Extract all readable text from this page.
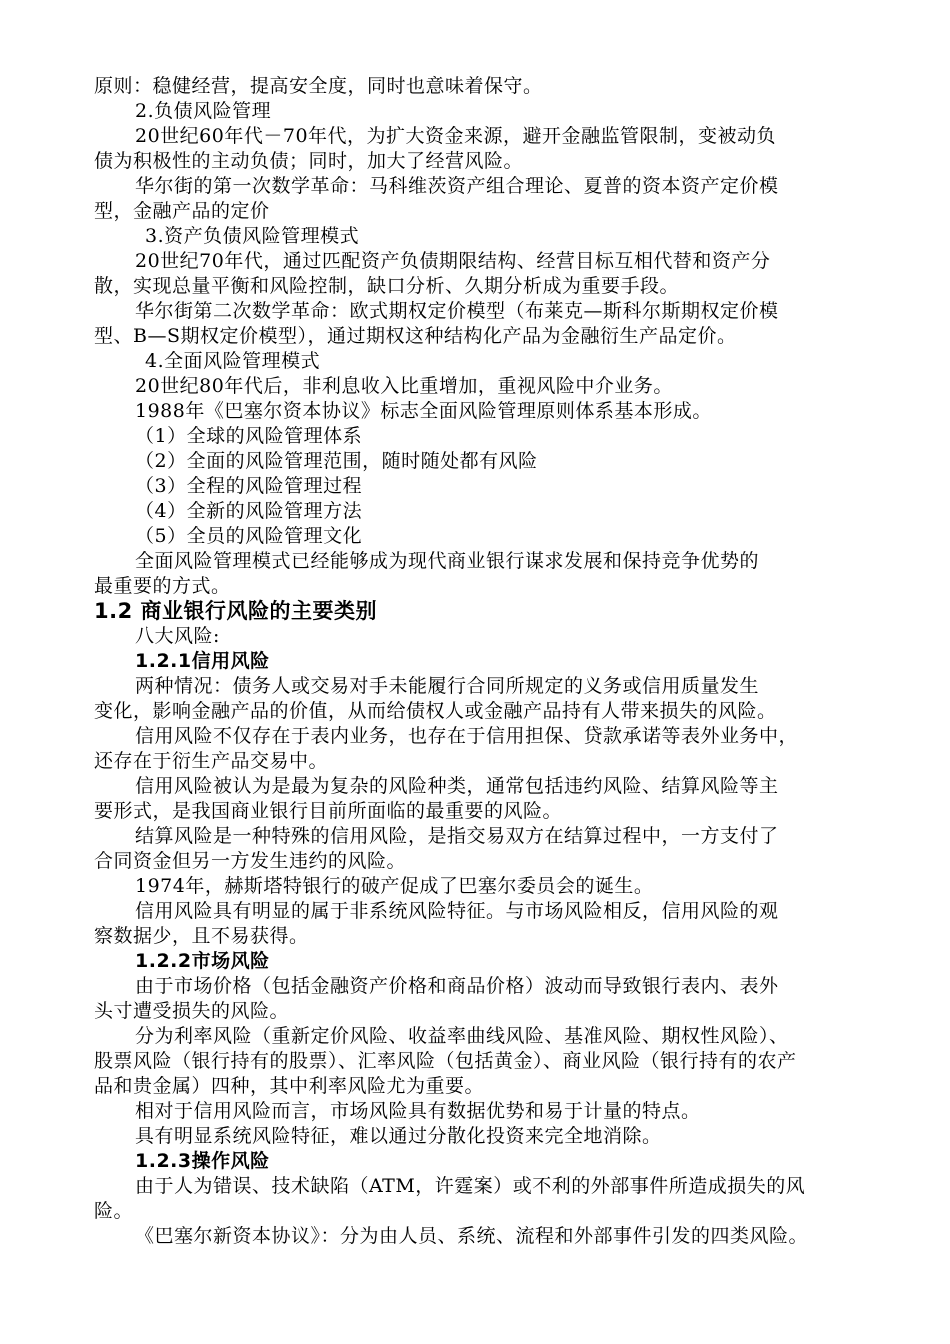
原则：稳健经营，提高安全度，同时也意味着保守。
2.负债风险管理
20世纪60年代－70年代，为扩大资金来源，避开金融监管限制，变被动负
债为积极性的主动负债；同时，加大了经营风险。
华尔街的第一次数学革命：马科维茨资产组合理论、夏普的资本资产定价模
型，金融产品的定价
3.资产负债风险管理模式
20世纪70年代，通过匹配资产负债期限结构、经营目标互相代替和资产分
散，实现总量平衡和风险控制，缺口分析、久期分析成为重要手段。
华尔街第二次数学革命：欧式期权定价模型（布莱克—斯科尔斯期权定价模
型、B—S期权定价模型），通过期权这种结构化产品为金融衍生产品定价。
4.全面风险管理模式
20世纪80年代后，非利息收入比重增加，重视风险中介业务。
1988年《巴塞尔资本协议》标志全面风险管理原则体系基本形成。
（1）全球的风险管理体系
（2）全面的风险管理范围，随时随处都有风险
（3）全程的风险管理过程
（4）全新的风险管理方法
（5）全员的风险管理文化
全面风险管理模式已经能够成为现代商业银行谋求发展和保持竞争优势的
最重要的方式。
1.2 商业银行风险的主要类别
八大风险:
1.2.1信用风险
两种情况：债务人或交易对手未能履行合同所规定的义务或信用质量发生
变化，影响金融产品的价值，从而给债权人或金融产品持有人带来损失的风险。
信用风险不仅存在于表内业务，也存在于信用担保、贷款承诺等表外业务中，
还存在于衍生产品交易中。
信用风险被认为是最为复杂的风险种类，通常包括违约风险、结算风险等主
要形式，是我国商业银行目前所面临的最重要的风险。
结算风险是一种特殊的信用风险，是指交易双方在结算过程中，一方支付了
合同资金但另一方发生违约的风险。
1974年，赫斯塔特银行的破产促成了巴塞尔委员会的诞生。
信用风险具有明显的属于非系统风险特征。与市场风险相反，信用风险的观
察数据少，且不易获得。
1.2.2市场风险
由于市场价格（包括金融资产价格和商品价格）波动而导致银行表内、表外
头寸遭受损失的风险。
分为利率风险（重新定价风险、收益率曲线风险、基准风险、期权性风险）、
股票风险（银行持有的股票）、汇率风险（包括黄金）、商业风险（银行持有的农产
品和贵金属）四种，其中利率风险尤为重要。
相对于信用风险而言，市场风险具有数据优势和易于计量的特点。
具有明显系统风险特征，难以通过分散化投资来完全地消除。
1.2.3操作风险
由于人为错误、技术缺陷（ATM，许霆案）或不利的外部事件所造成损失的风
险。
《巴塞尔新资本协议》：分为由人员、系统、流程和外部事件引发的四类风险。
